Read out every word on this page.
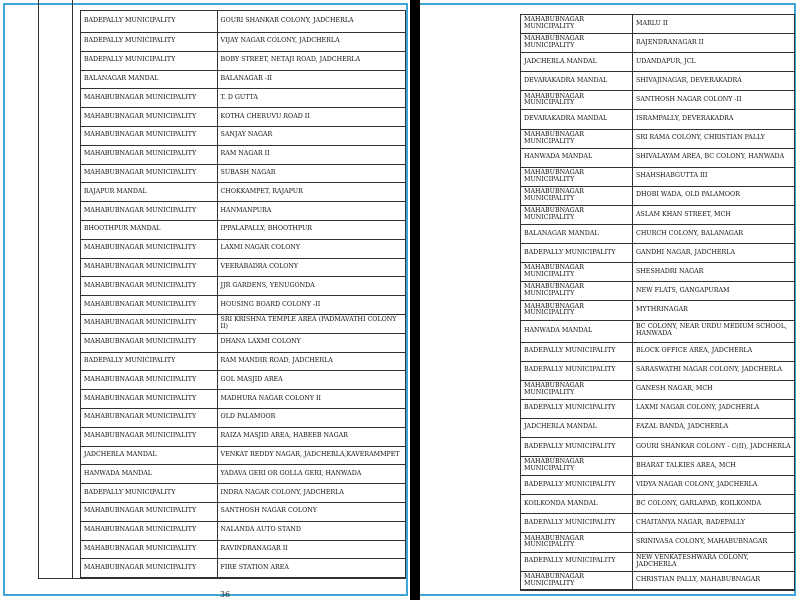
	BADEPALLY MUNICIPALITY	GOURI SHANKAR COLONY, JADCHERLA
	BADEPALLY MUNICIPALITY	VIJAY NAGAR COLONY, JADCHERLA
	BADEPALLY MUNICIPALITY	BOBY STREET, NETAJI ROAD, JADCHERLA
	BALANAGAR MANDAL	BALANAGAR -II
	MAHABUBNAGAR MUNICIPALITY	T. D GUTTA
	MAHABUBNAGAR MUNICIPALITY	KOTHA CHERUVU ROAD II
	MAHABUBNAGAR MUNICIPALITY	SANJAY NAGAR
	MAHABUBNAGAR MUNICIPALITY	RAM NAGAR II
	MAHABUBNAGAR MUNICIPALITY	SUBASH NAGAR
	RAJAPUR MANDAL	CHOKKAMPET, RAJAPUR
	MAHABUBNAGAR MUNICIPALITY	HANMANPURA
	BHOOTHPUR MANDAL	IPPALAPALLY, BHOOTHPUR
	MAHABUBNAGAR MUNICIPALITY	LAXMI NAGAR COLONY
	MAHABUBNAGAR MUNICIPALITY	VEERABADRA COLONY
	MAHABUBNAGAR MUNICIPALITY	JJR GARDENS, YENUGONDA
	MAHABUBNAGAR MUNICIPALITY	HOUSING BOARD COLONY -II
	MAHABUBNAGAR MUNICIPALITY	SRI KRISHNA TEMPLE AREA (PADMAVATHI COLONY II)
	MAHABUBNAGAR MUNICIPALITY	DHANA LAXMI COLONY
	BADEPALLY MUNICIPALITY	RAM MANDIR ROAD, JADCHERLA
	MAHABUBNAGAR MUNICIPALITY	GOL MASJID AREA
	MAHABUBNAGAR MUNICIPALITY	MADHURA NAGAR COLONY II
	MAHABUBNAGAR MUNICIPALITY	OLD PALAMOOR
	MAHABUBNAGAR MUNICIPALITY	RAIZA MASJID AREA, HABEEB NAGAR
	JADCHERLA MANDAL	VENKAT REDDY NAGAR, JADCHERLA,KAVERAMMPET
	HANWADA MANDAL	YADAVA GERI OR GOLLA GERI, HANWADA
	BADEPALLY MUNICIPALITY	INDRA NAGAR COLONY, JADCHERLA
	MAHABUBNAGAR MUNICIPALITY	SANTHOSH NAGAR COLONY
	MAHABUBNAGAR MUNICIPALITY	NALANDA AUTO STAND
	MAHABUBNAGAR MUNICIPALITY	RAVINDRANAGAR II
	MAHABUBNAGAR MUNICIPALITY	FIRE STATION AREA
36
MAHABUBNAGAR MUNICIPALITY	MARLU II
MAHABUBNAGAR MUNICIPALITY	RAJENDRANAGAR II
JADCHERLA MANDAL	UDANDAPUR, JCL
DEVARAKADRA MANDAL	SHIVAJINAGAR, DEVERAKADRA
MAHABUBNAGAR MUNICIPALITY	SANTHOSH NAGAR COLONY -II
DEVARAKADRA MANDAL	ISRAMPALLY, DEVERAKADRA
MAHABUBNAGAR MUNICIPALITY	SRI RAMA COLONY, CHRISTIAN PALLY
HANWADA MANDAL	SHIVALAYAM AREA, BC COLONY, HANWADA
MAHABUBNAGAR MUNICIPALITY	SHAHSHABGUTTA III
MAHABUBNAGAR MUNICIPALITY	DHOBI WADA, OLD PALAMOOR
MAHABUBNAGAR MUNICIPALITY	ASLAM KHAN STREET, MCH
BALANAGAR MANDAL	CHURCH COLONY, BALANAGAR
BADEPALLY MUNICIPALITY	GANDHI NAGAR, JADCHERLA
MAHABUBNAGAR MUNICIPALITY	SHESHADRI NAGAR
MAHABUBNAGAR MUNICIPALITY	NEW FLATS, GANGAPURAM
MAHABUBNAGAR MUNICIPALITY	MYTHRINAGAR
HANWADA MANDAL	BC COLONY, NEAR URDU MEDIUM SCHOOL, HANWADA
BADEPALLY MUNICIPALITY	BLOCK OFFICE AREA, JADCHERLA
BADEPALLY MUNICIPALITY	SARASWATHI NAGAR COLONY, JADCHERLA
MAHABUBNAGAR MUNICIPALITY	GANESH NAGAR, MCH
BADEPALLY MUNICIPALITY	LAXMI NAGAR COLONY, JADCHERLA
JADCHERLA MANDAL	FAZAL BANDA, JADCHERLA
BADEPALLY MUNICIPALITY	GOURI SHANKAR COLONY - C(II), JADCHERLA
MAHABUBNAGAR MUNICIPALITY	BHARAT TALKIES AREA, MCH
BADEPALLY MUNICIPALITY	VIDYA NAGAR COLONY, JADCHERLA
KOILKONDA MANDAL	BC COLONY, GARLAPAD, KOILKONDA
BADEPALLY MUNICIPALITY	CHAITANYA NAGAR, BADEPALLY
MAHABUBNAGAR MUNICIPALITY	SRINIVASA COLONY, MAHABUBNAGAR
BADEPALLY MUNICIPALITY	NEW VENKATESHWARA COLONY, JADCHERLA
MAHABUBNAGAR MUNICIPALITY	CHRISTIAN PALLY, MAHABUBNAGAR
